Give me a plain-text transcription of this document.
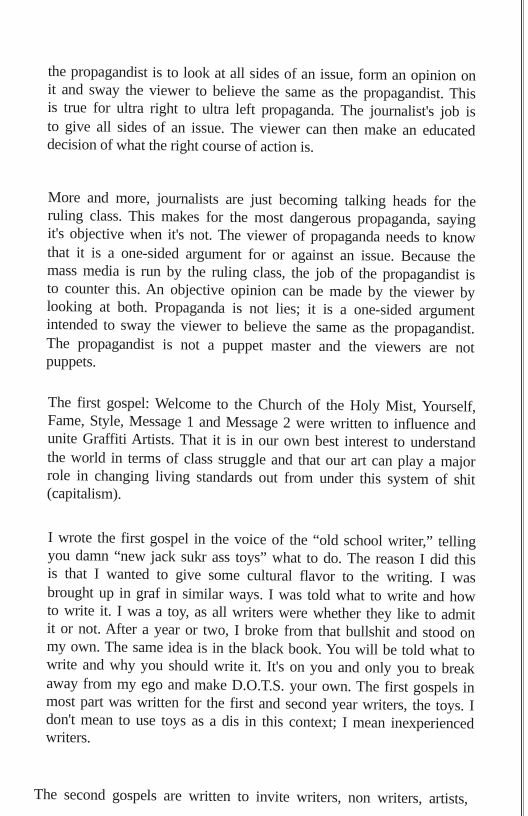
the propagandist is to look at all sides of an issue, form an opinion on
it and sway the viewer to believe the same as the propagandist. This
is true for ultra right to ultra left propaganda. The journalist's job is
to give all sides of an issue. The viewer can then make an educated
decision of what the right course of action is.
More and more, journalists are just becoming talking heads for the
ruling class. This makes for the most dangerous propaganda, saying
it's objective when it's not. The viewer of propaganda needs to know
that it is a one-sided argument for or against an issue. Because the
mass media is run by the ruling class, the job of the propagandist is
to counter this. An objective opinion can be made by the viewer by
looking at both. Propaganda is not lies; it is a one-sided argument
intended to sway the viewer to believe the same as the propagandist.
The propagandist is not a puppet master and the viewers are not
puppets.
The first gospel: Welcome to the Church of the Holy Mist, Yourself,
Fame, Style, Message 1 and Message 2 were written to influence and
unite Graffiti Artists. That it is in our own best interest to understand
the world in terms of class struggle and that our art can play a major
role in changing living standards out from under this system of shit
(capitalism).
I wrote the first gospel in the voice of the “old school writer,” telling
you damn “new jack sukr ass toys” what to do. The reason I did this
is that I wanted to give some cultural flavor to the writing. I was
brought up in graf in similar ways. I was told what to write and how
to write it. I was a toy, as all writers were whether they like to admit
it or not. After a year or two, I broke from that bullshit and stood on
my own. The same idea is in the black book. You will be told what to
write and why you should write it. It's on you and only you to break
away from my ego and make D.O.T.S. your own. The first gospels in
most part was written for the first and second year writers, the toys. I
don't mean to use toys as a dis in this context; I mean inexperienced
writers.
The second gospels are written to invite writers, non writers, artists,
